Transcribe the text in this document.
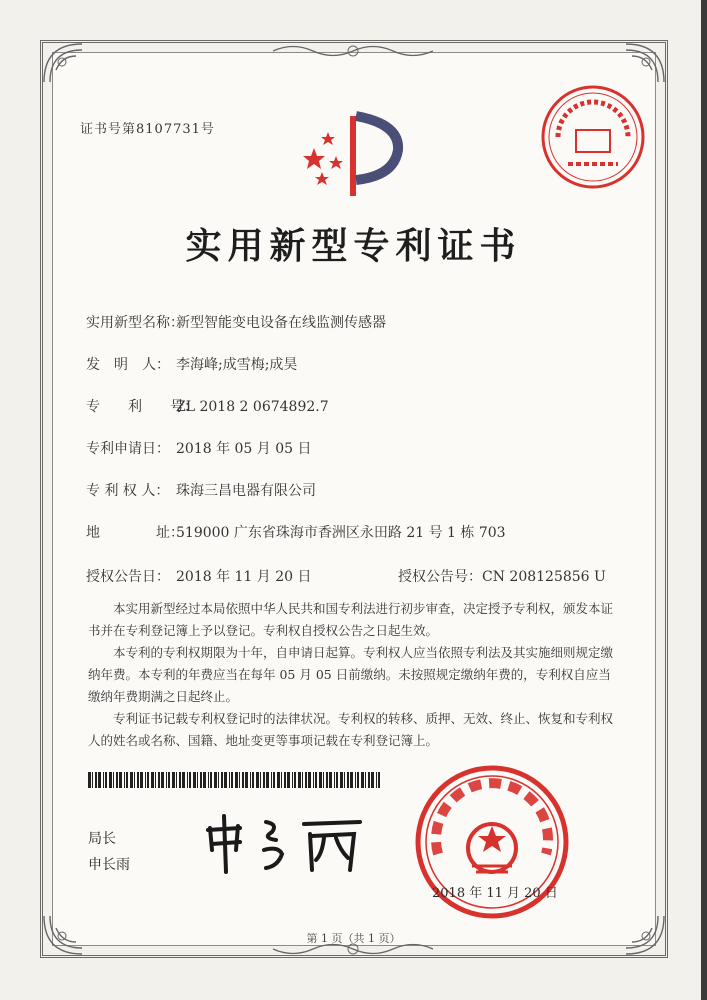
证书号第8107731号
实用新型专利证书
实用新型名称：新型智能变电设备在线监测传感器
发　明　人： 李海峰;成雪梅;成昊
专　　利　　号：ZL 2018 2 0674892.7
专利申请日： 2018 年 05 月 05 日
专 利 权 人： 珠海三昌电器有限公司
地　　　　址：519000 广东省珠海市香洲区永田路 21 号 1 栋 703
授权公告日： 2018 年 11 月 20 日	授权公告号：CN 208125856 U

本实用新型经过本局依照中华人民共和国专利法进行初步审查，决定授予专利权，颁发本证书并在专利登记簿上予以登记。专利权自授权公告之日起生效。

本专利的专利权期限为十年，自申请日起算。专利权人应当依照专利法及其实施细则规定缴纳年费。本专利的年费应当在每年 05 月 05 日前缴纳。未按照规定缴纳年费的，专利权自应当缴纳年费期满之日起终止。

专利证书记载专利权登记时的法律状况。专利权的转移、质押、无效、终止、恢复和专利权人的姓名或名称、国籍、地址变更等事项记载在专利登记簿上。

局长
申长雨
2018 年 11 月 20 日
第 1 页（共 1 页）
